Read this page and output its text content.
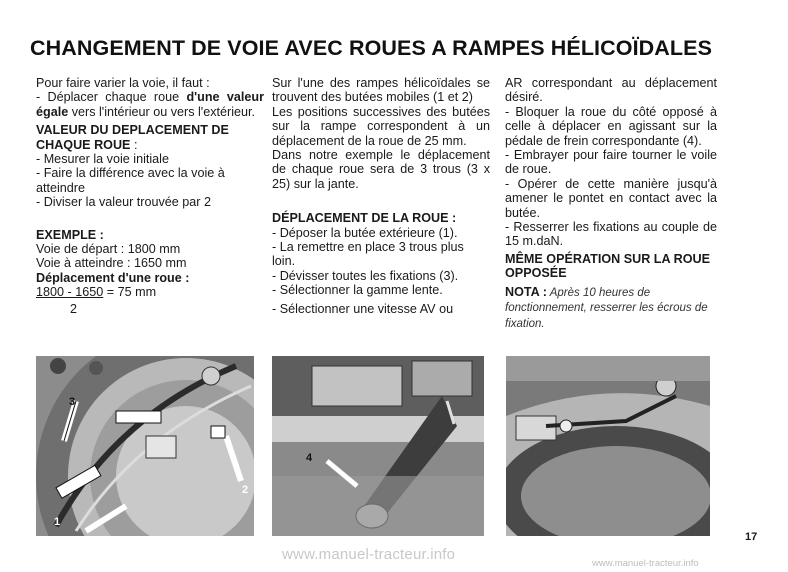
CHANGEMENT DE VOIE AVEC ROUES A RAMPES HÉLICOÏDALES

Pour faire varier la voie, il faut :

- Déplacer chaque roue d'une valeur égale vers l'intérieur ou vers l'extérieur.

VALEUR DU DEPLACEMENT DE CHAQUE ROUE :

- Mesurer la voie initiale

- Faire la différence avec la voie à atteindre

- Diviser la valeur trouvée par 2

EXEMPLE :

Voie de départ : 1800 mm

Voie à atteindre : 1650 mm

Déplacement d'une roue :

1800 - 1650 = 75 mm

2

Sur l'une des rampes hélicoïdales se trouvent des butées mobiles (1 et 2)

Les positions successives des butées sur la rampe correspondent à un déplacement de la roue de 25 mm.

Dans notre exemple le déplacement de chaque roue sera de 3 trous (3 x 25) sur la jante.

DÉPLACEMENT DE LA ROUE :

- Déposer la butée extérieure (1).

- La remettre en place 3 trous plus loin.

- Dévisser toutes les fixations (3).

- Sélectionner la gamme lente.

- Sélectionner une vitesse AV ou

AR correspondant au déplacement désiré.

- Bloquer la roue du côté opposé à celle à déplacer en agissant sur la pédale de frein correspondante (4).

- Embrayer pour faire tourner le voile de roue.

- Opérer de cette manière jusqu'à amener le pontet en contact avec la butée.

- Resserrer les fixations au couple de 15 m.daN.

MÊME OPÉRATION SUR LA ROUE OPPOSÉE

NOTA : Après 10 heures de fonctionnement, resserrer les écrous de fixation.

3
2
1
4
17
www.manuel-tracteur.info
www.manuel-tracteur.info
